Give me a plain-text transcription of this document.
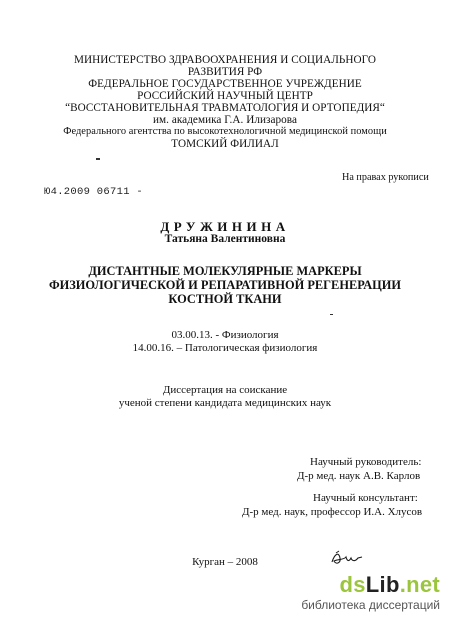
МИНИСТЕРСТВО ЗДРАВООХРАНЕНИЯ И СОЦИАЛЬНОГО
РАЗВИТИЯ РФ
ФЕДЕРАЛЬНОЕ ГОСУДАРСТВЕННОЕ УЧРЕЖДЕНИЕ
РОССИЙСКИЙ НАУЧНЫЙ ЦЕНТР
“ВОССТАНОВИТЕЛЬНАЯ ТРАВМАТОЛОГИЯ И ОРТОПЕДИЯ“
им. академика Г.А. Илизарова
Федерального агентства по высокотехнологичной медицинской помощи
ТОМСКИЙ ФИЛИАЛ
На правах рукописи
Ю4.2009 06711 -
ДРУЖИНИНА
Татьяна Валентиновна
ДИСТАНТНЫЕ МОЛЕКУЛЯРНЫЕ МАРКЕРЫ
ФИЗИОЛОГИЧЕСКОЙ И РЕПАРАТИВНОЙ РЕГЕНЕРАЦИИ
КОСТНОЙ ТКАНИ
03.00.13. - Физиология
14.00.16. – Патологическая физиология
Диссертация на соискание
ученой степени кандидата медицинских наук
Научный руководитель:
Д-р мед. наук А.В. Карлов
Научный консультант:
Д-р мед. наук, профессор И.А. Хлусов
Курган – 2008
dsLib.net
библиотека диссертаций
